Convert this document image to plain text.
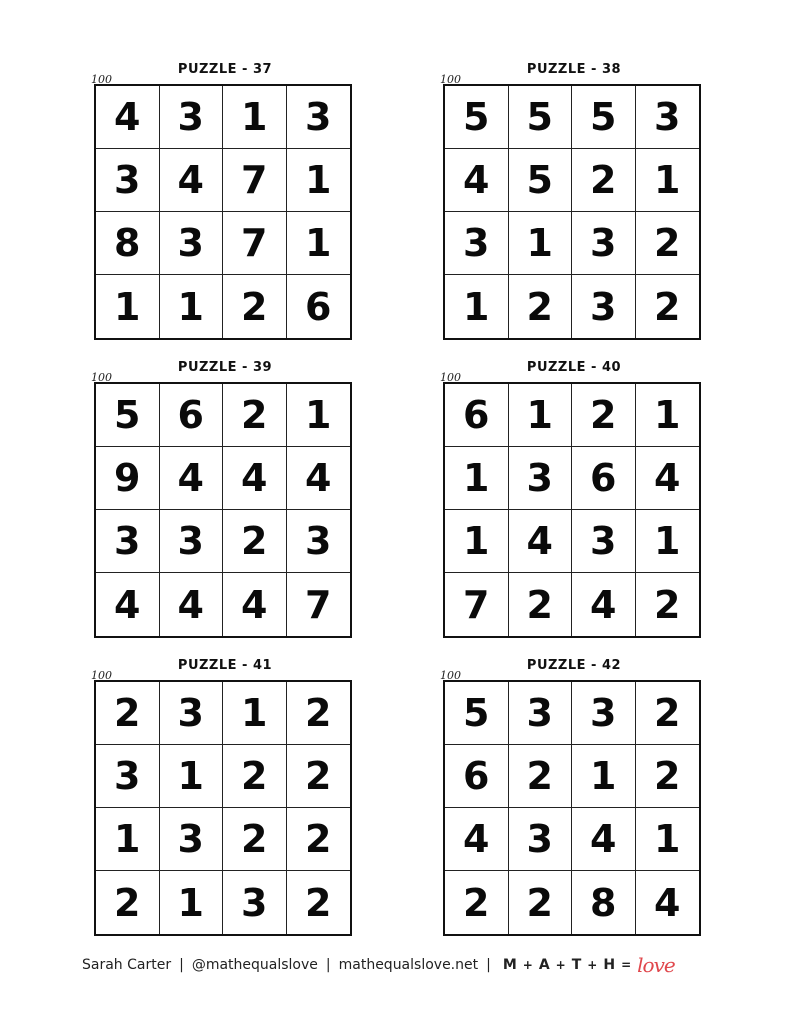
PUZZLE - 37
100
4 3 1 3
3 4 7 1
8 3 7 1
1 1 2 6
PUZZLE - 38
100
5 5 5 3
4 5 2 1
3 1 3 2
1 2 3 2
PUZZLE - 39
100
5 6 2 1
9 4 4 4
3 3 2 3
4 4 4 7
PUZZLE - 40
100
6 1 2 1
1 3 6 4
1 4 3 1
7 2 4 2
PUZZLE - 41
100
2 3 1 2
3 1 2 2
1 3 2 2
2 1 3 2
PUZZLE - 42
100
5 3 3 2
6 2 1 2
4 3 4 1
2 2 8 4
Sarah Carter | @mathequalslove | mathequalslove.net | M + A + T + H = love
